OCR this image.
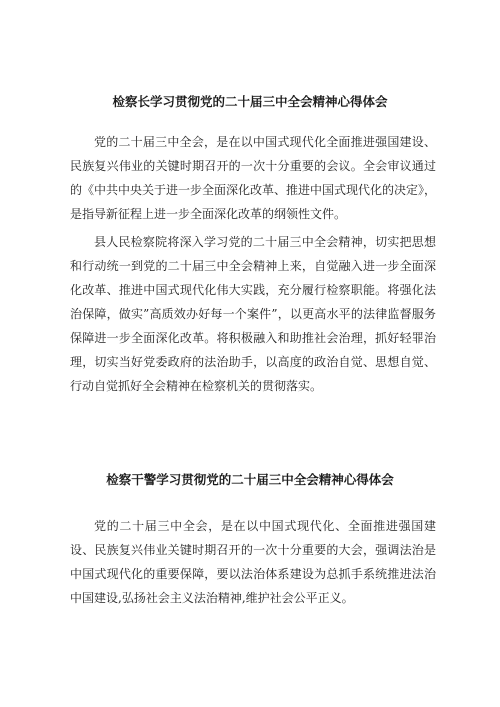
检察长学习贯彻党的二十届三中全会精神心得体会

党的二十届三中全会，是在以中国式现代化全面推进强国建设、民族复兴伟业的关键时期召开的一次十分重要的会议。全会审议通过的《中共中央关于进一步全面深化改革、推进中国式现代化的决定》，是指导新征程上进一步全面深化改革的纲领性文件。

县人民检察院将深入学习党的二十届三中全会精神，切实把思想和行动统一到党的二十届三中全会精神上来，自觉融入进一步全面深化改革、推进中国式现代化伟大实践，充分履行检察职能。将强化法治保障，做实”高质效办好每一个案件”，以更高水平的法律监督服务保障进一步全面深化改革。将积极融入和助推社会治理，抓好轻罪治理，切实当好党委政府的法治助手，以高度的政治自觉、思想自觉、行动自觉抓好全会精神在检察机关的贯彻落实。

检察干警学习贯彻党的二十届三中全会精神心得体会

党的二十届三中全会，是在以中国式现代化、全面推进强国建设、民族复兴伟业关键时期召开的一次十分重要的大会，强调法治是中国式现代化的重要保障，要以法治体系建设为总抓手系统推进法治中国建设,弘扬社会主义法治精神,维护社会公平正义。
